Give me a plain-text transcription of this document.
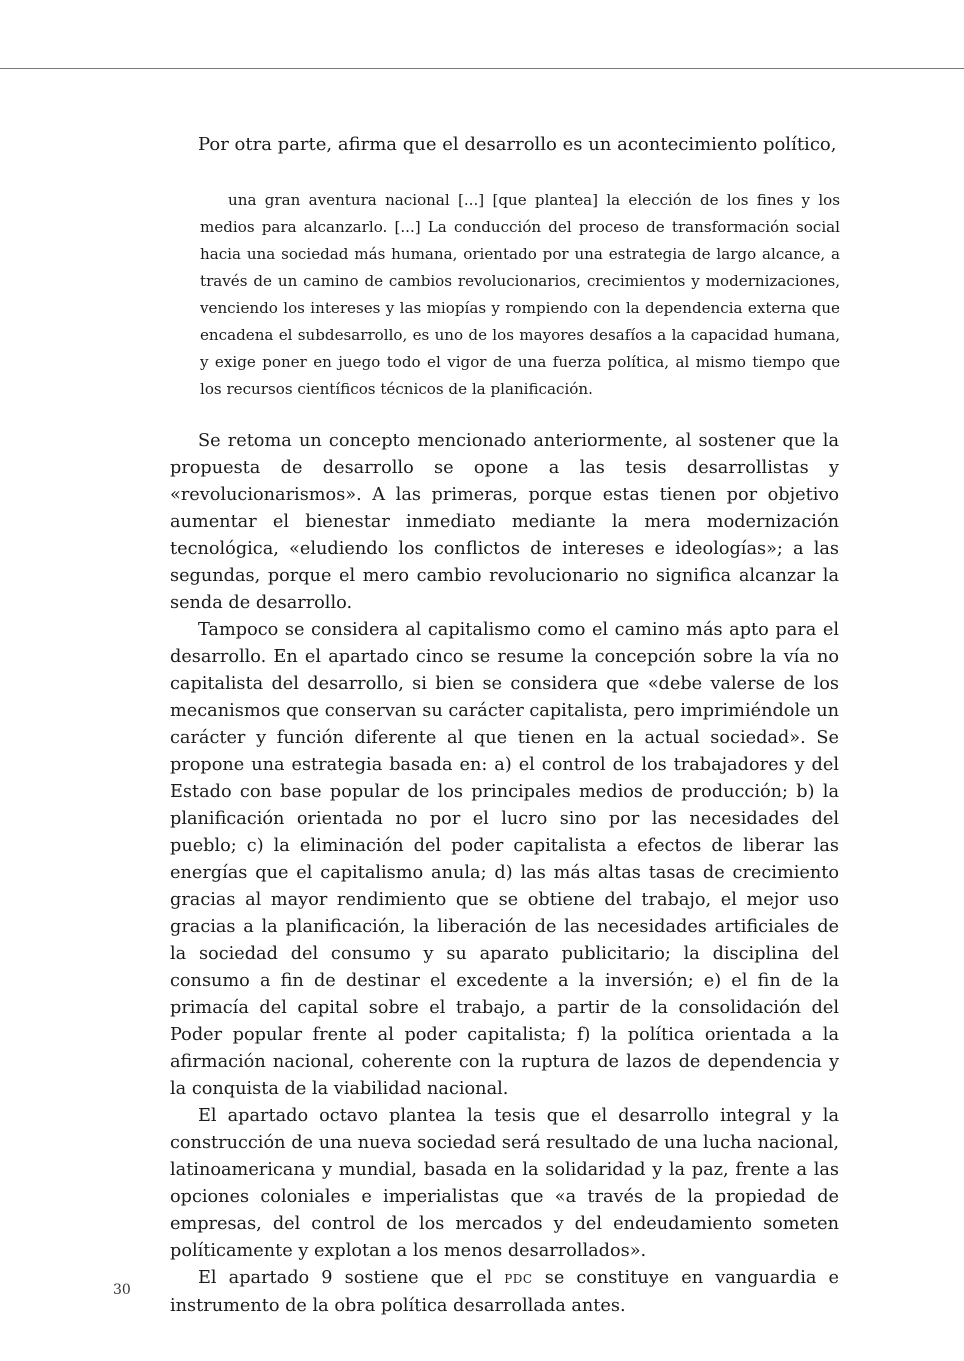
Por otra parte, afirma que el desarrollo es un acontecimiento político,

una gran aventura nacional [...] [que plantea] la elección de los fines y los medios para alcanzarlo. [...] La conducción del proceso de transformación social hacia una sociedad más humana, orientado por una estrategia de largo alcance, a través de un camino de cambios revolucionarios, crecimientos y modernizaciones, venciendo los intereses y las miopías y rompiendo con la dependencia externa que encadena el subdesarrollo, es uno de los mayores desafíos a la capacidad humana, y exige poner en juego todo el vigor de una fuerza política, al mismo tiempo que los recursos científicos técnicos de la planificación.

Se retoma un concepto mencionado anteriormente, al sostener que la propuesta de desarrollo se opone a las tesis desarrollistas y «revolucionarismos». A las primeras, porque estas tienen por objetivo aumentar el bienestar inmediato mediante la mera modernización tecnológica, «eludiendo los conflictos de intereses e ideologías»; a las segundas, porque el mero cambio revolucionario no significa alcanzar la senda de desarrollo.

Tampoco se considera al capitalismo como el camino más apto para el desarrollo. En el apartado cinco se resume la concepción sobre la vía no capitalista del desarrollo, si bien se considera que «debe valerse de los mecanismos que conservan su carácter capitalista, pero imprimiéndole un carácter y función diferente al que tienen en la actual sociedad». Se propone una estrategia basada en: a) el control de los trabajadores y del Estado con base popular de los principales medios de producción; b) la planificación orientada no por el lucro sino por las necesidades del pueblo; c) la eliminación del poder capitalista a efectos de liberar las energías que el capitalismo anula; d) las más altas tasas de crecimiento gracias al mayor rendimiento que se obtiene del trabajo, el mejor uso gracias a la planificación, la liberación de las necesidades artificiales de la sociedad del consumo y su aparato publicitario; la disciplina del consumo a fin de destinar el excedente a la inversión; e) el fin de la primacía del capital sobre el trabajo, a partir de la consolidación del Poder popular frente al poder capitalista; f) la política orientada a la afirmación nacional, coherente con la ruptura de lazos de dependencia y la conquista de la viabilidad nacional.

El apartado octavo plantea la tesis que el desarrollo integral y la construcción de una nueva sociedad será resultado de una lucha nacional, latinoamericana y mundial, basada en la solidaridad y la paz, frente a las opciones coloniales e imperialistas que «a través de la propiedad de empresas, del control de los mercados y del endeudamiento someten políticamente y explotan a los menos desarrollados».

El apartado 9 sostiene que el PDC se constituye en vanguardia e instrumento de la obra política desarrollada antes.

30
